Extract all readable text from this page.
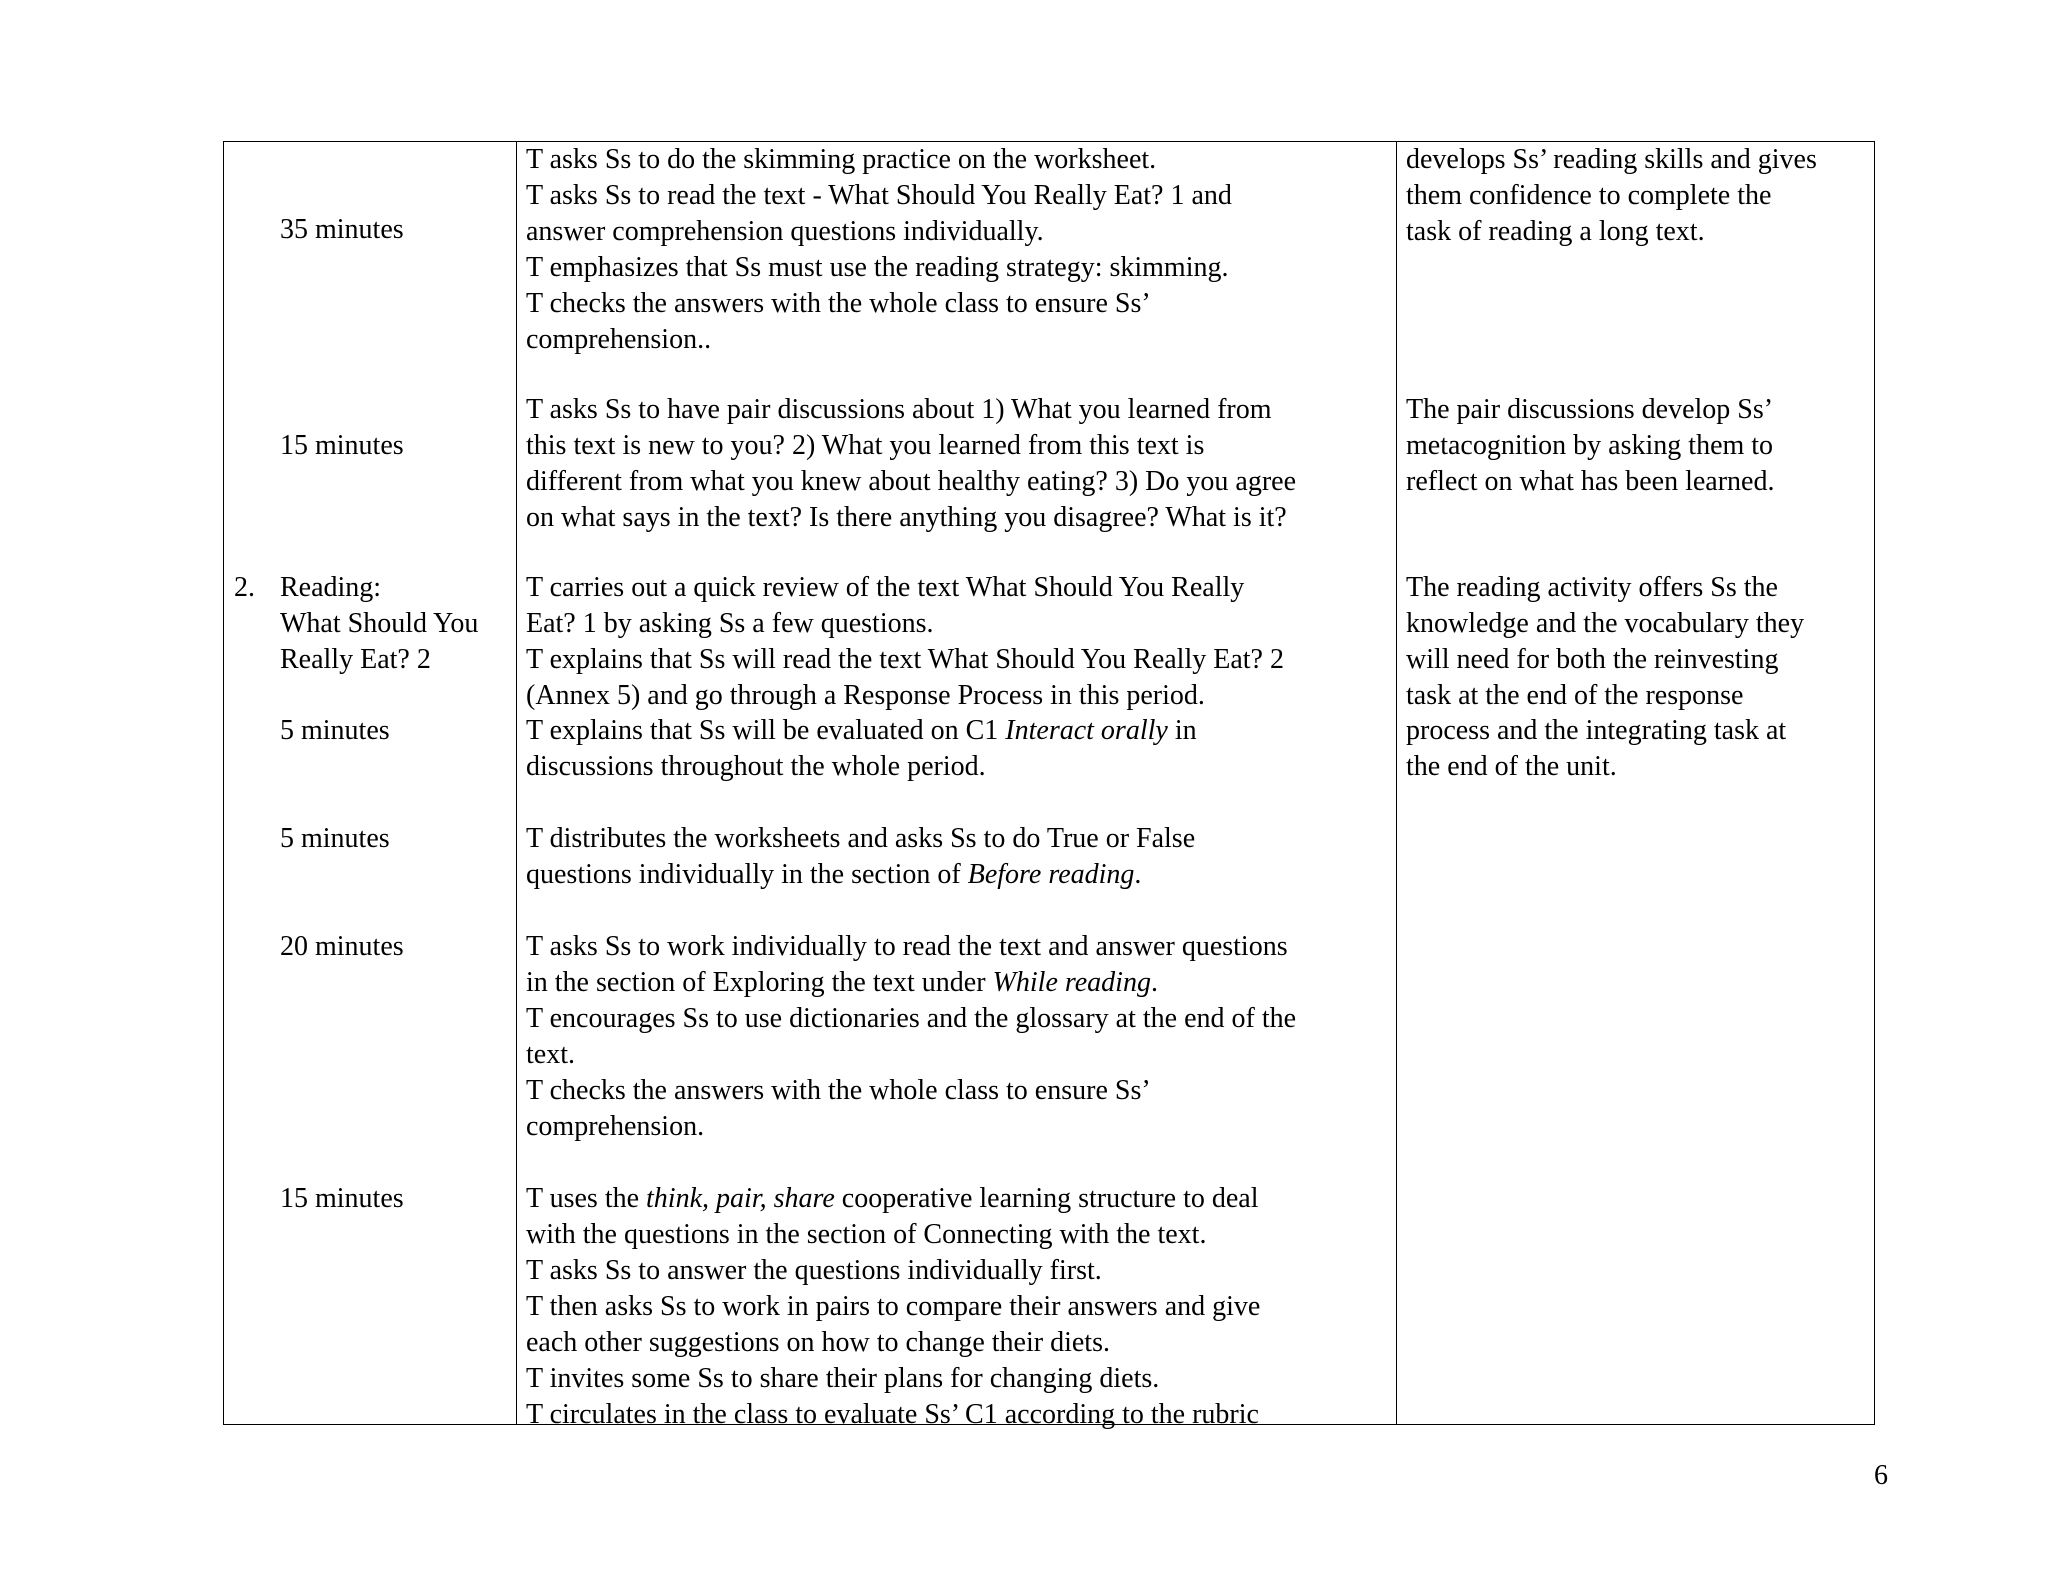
35 minutes
15 minutes
2. Reading:
What Should You
Really Eat? 2
5 minutes
5 minutes
20 minutes
15 minutes
T asks Ss to do the skimming practice on the worksheet.
T asks Ss to read the text - What Should You Really Eat? 1 and
answer comprehension questions individually.
T emphasizes that Ss must use the reading strategy: skimming.
T checks the answers with the whole class to ensure Ss’
comprehension..
T asks Ss to have pair discussions about 1) What you learned from
this text is new to you? 2) What you learned from this text is
different from what you knew about healthy eating? 3) Do you agree
on what says in the text? Is there anything you disagree? What is it?
T carries out a quick review of the text What Should You Really
Eat? 1 by asking Ss a few questions.
T explains that Ss will read the text What Should You Really Eat? 2
(Annex 5) and go through a Response Process in this period.
T explains that Ss will be evaluated on C1 Interact orally in
discussions throughout the whole period.
T distributes the worksheets and asks Ss to do True or False
questions individually in the section of Before reading.
T asks Ss to work individually to read the text and answer questions
in the section of Exploring the text under While reading.
T encourages Ss to use dictionaries and the glossary at the end of the
text.
T checks the answers with the whole class to ensure Ss’
comprehension.
T uses the think, pair, share cooperative learning structure to deal
with the questions in the section of Connecting with the text.
T asks Ss to answer the questions individually first.
T then asks Ss to work in pairs to compare their answers and give
each other suggestions on how to change their diets.
T invites some Ss to share their plans for changing diets.
T circulates in the class to evaluate Ss’ C1 according to the rubric
develops Ss’ reading skills and gives
them confidence to complete the
task of reading a long text.
The pair discussions develop Ss’
metacognition by asking them to
reflect on what has been learned.
The reading activity offers Ss the
knowledge and the vocabulary they
will need for both the reinvesting
task at the end of the response
process and the integrating task at
the end of the unit.
6
